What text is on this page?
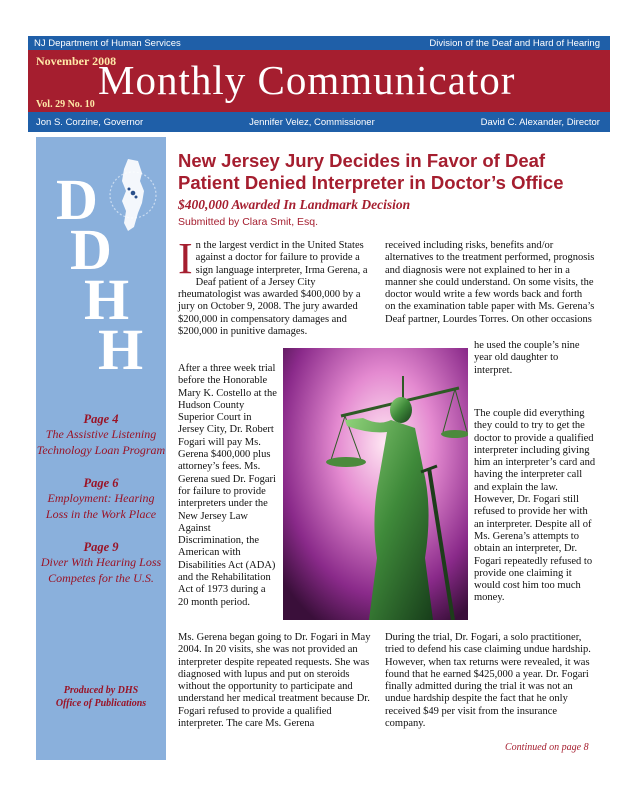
NJ Department of Human Services	Division of the Deaf and Hard of Hearing
November 2008
Monthly Communicator
Vol. 29 No. 10
Jon S. Corzine, Governor	Jennifer Velez, Commissioner	David C. Alexander, Director
D
D
H
H
Page 4
The Assistive Listening Technology Loan Program
Page 6
Employment: Hearing Loss in the Work Place
Page 9
Diver With Hearing Loss Competes for the U.S.
Produced by DHS
Office of Publications
New Jersey Jury Decides in Favor of Deaf Patient Denied Interpreter in Doctor’s Office
$400,000 Awarded In Landmark Decision
Submitted by Clara Smit, Esq.
I n the largest verdict in the United States against a doctor for failure to provide a sign language interpreter, Irma Gerena, a Deaf patient of a Jersey City rheumatologist was awarded $400,000 by a jury on October 9, 2008. The jury awarded $200,000 in compensatory damages and $200,000 in punitive damages.
After a three week trial before the Honorable Mary K. Costello at the Hudson County Superior Court in Jersey City, Dr. Robert Fogari will pay Ms. Gerena $400,000 plus attorney’s fees. Ms. Gerena sued Dr. Fogari for failure to provide interpreters under the New Jersey Law Against Discrimination, the American with Disabilities Act (ADA) and the Rehabilitation Act of 1973 during a 20 month period.
Ms. Gerena began going to Dr. Fogari in May 2004. In 20 visits, she was not provided an interpreter despite repeated requests. She was diagnosed with lupus and put on steroids without the opportunity to participate and understand her medical treatment because Dr. Fogari refused to provide a qualified interpreter. The care Ms. Gerena
received including risks, benefits and/or alternatives to the treatment performed, prognosis and diagnosis were not explained to her in a manner she could understand. On some visits, the doctor would write a few words back and forth on the examination table paper with Ms. Gerena’s Deaf partner, Lourdes Torres. On other occasions
he used the couple’s nine year old daughter to interpret.
The couple did everything they could to try to get the doctor to provide a qualified interpreter including giving him an interpreter’s card and having the interpreter call and explain the law. However, Dr. Fogari still refused to provide her with an interpreter. Despite all of Ms. Gerena’s attempts to obtain an interpreter, Dr. Fogari repeatedly refused to provide one claiming it would cost him too much money.
During the trial, Dr. Fogari, a solo practitioner, tried to defend his case claiming undue hardship. However, when tax returns were revealed, it was found that he earned $425,000 a year. Dr. Fogari finally admitted during the trial it was not an undue hardship despite the fact that he only received $49 per visit from the insurance company.
Continued on page 8
